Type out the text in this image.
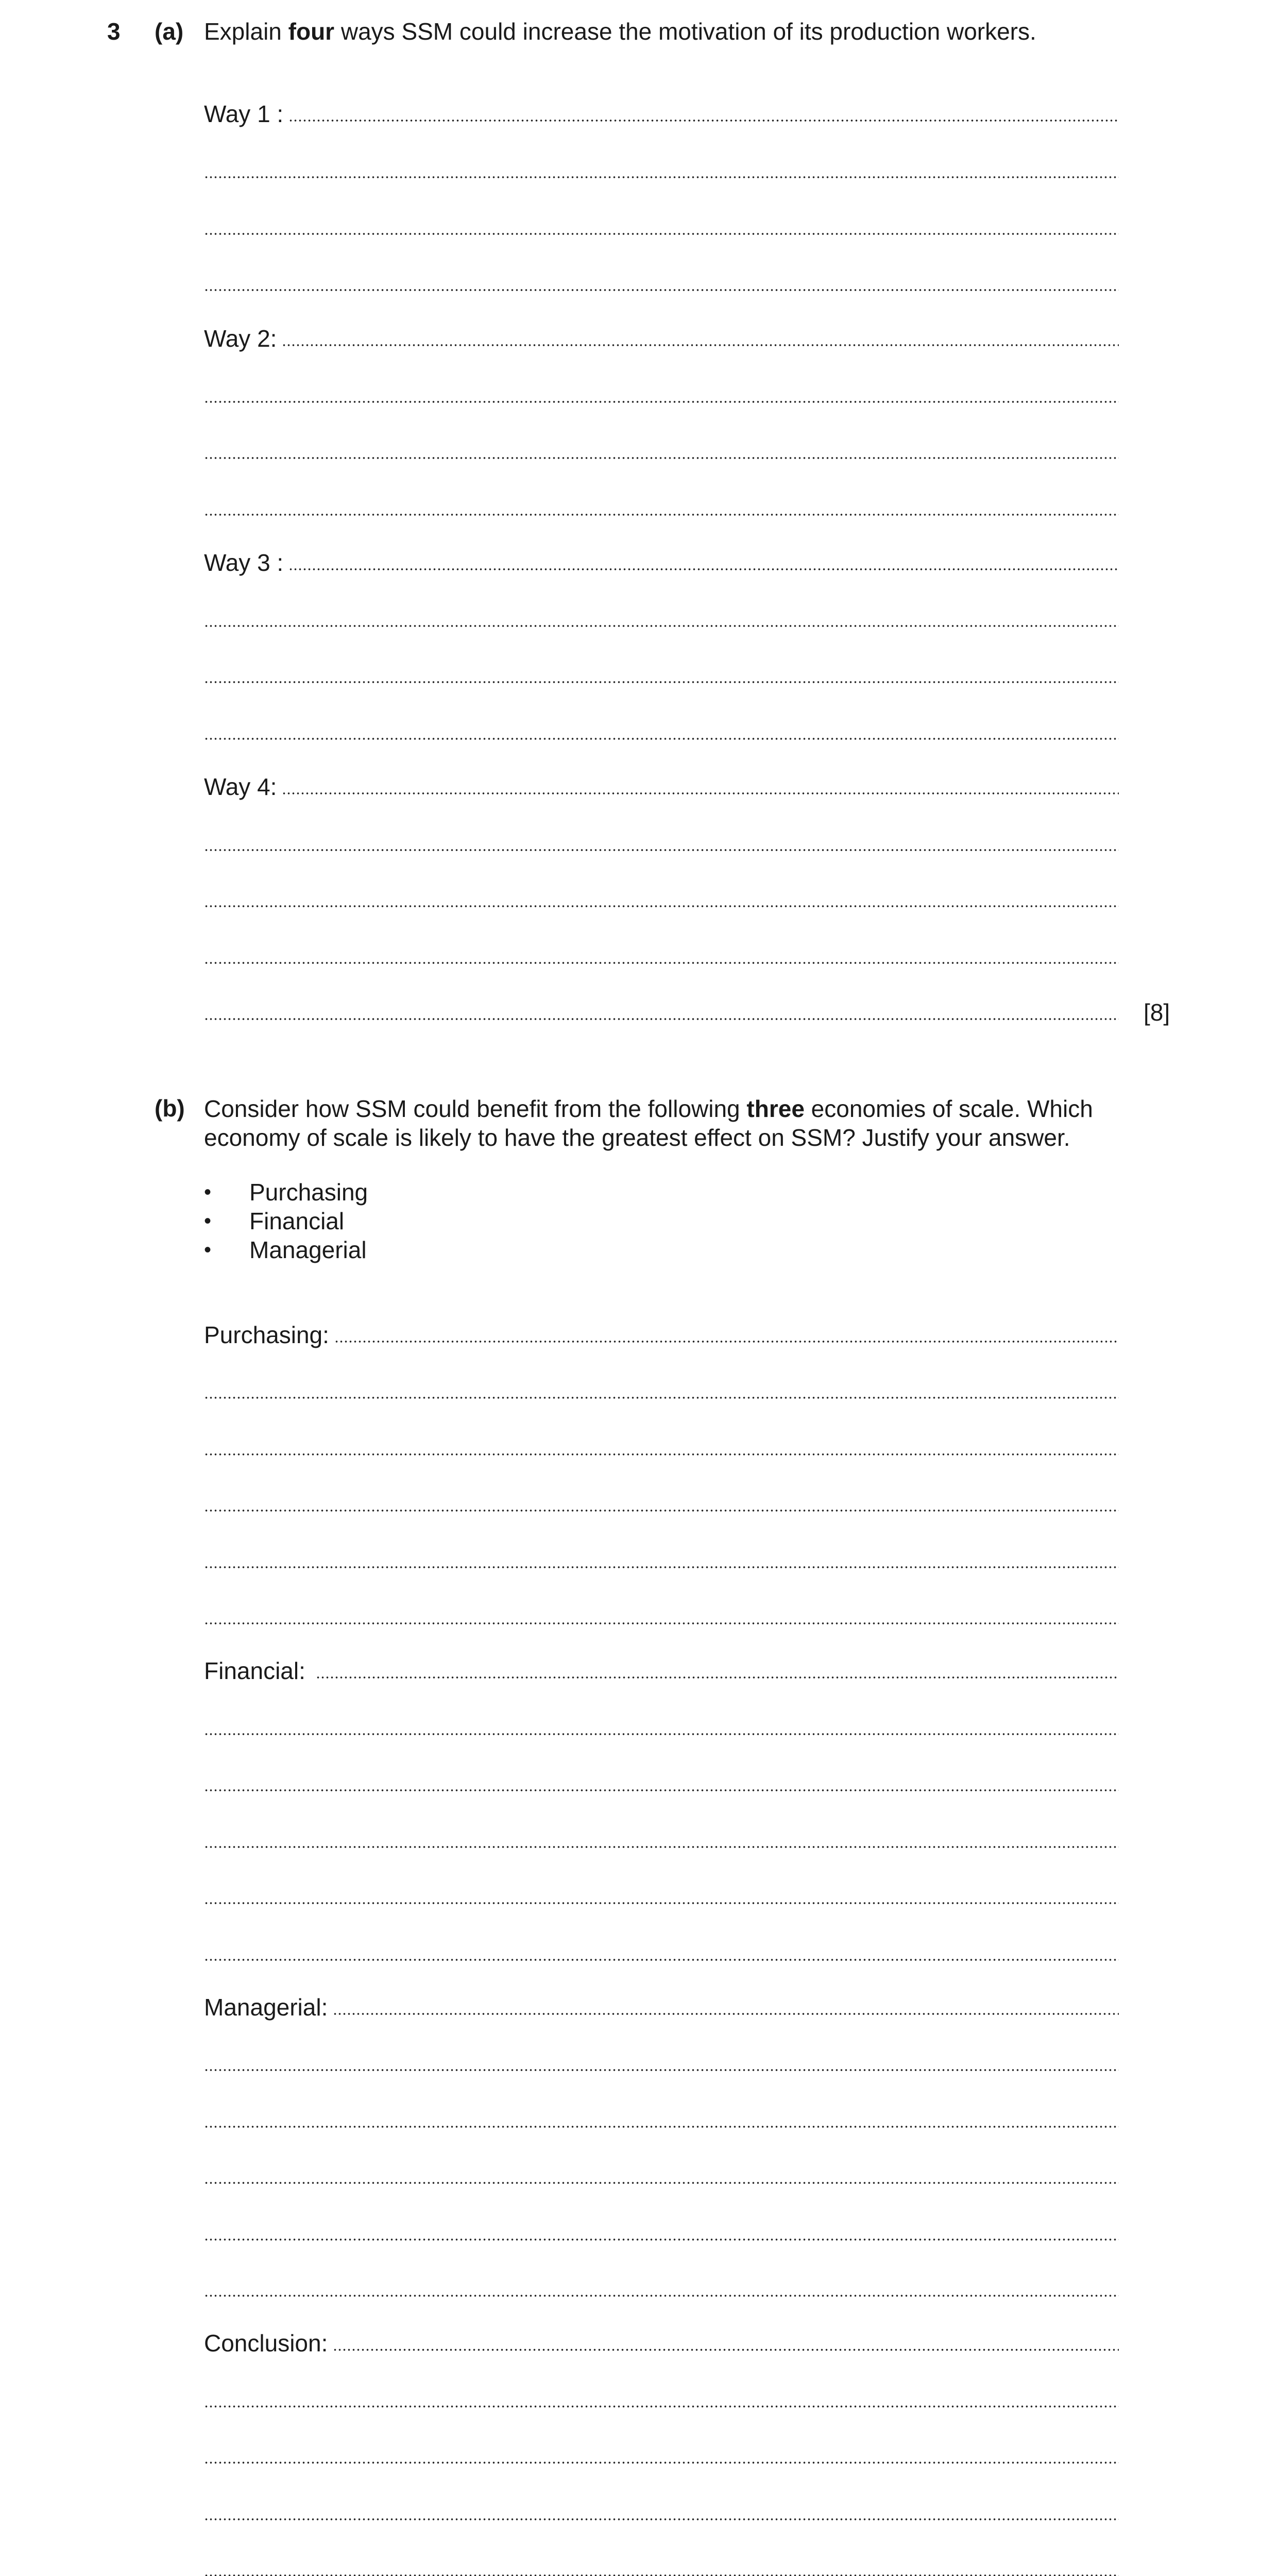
3 (a) Explain four ways SSM could increase the motivation of its production workers.
Way 1 :
Way 2:
Way 3 :
Way 4:
[8]
(b) Consider how SSM could benefit from the following three economies of scale. Which economy of scale is likely to have the greatest effect on SSM? Justify your answer.
•	Purchasing
•	Financial
•	Managerial
Purchasing:
Financial:
Managerial:
Conclusion:
